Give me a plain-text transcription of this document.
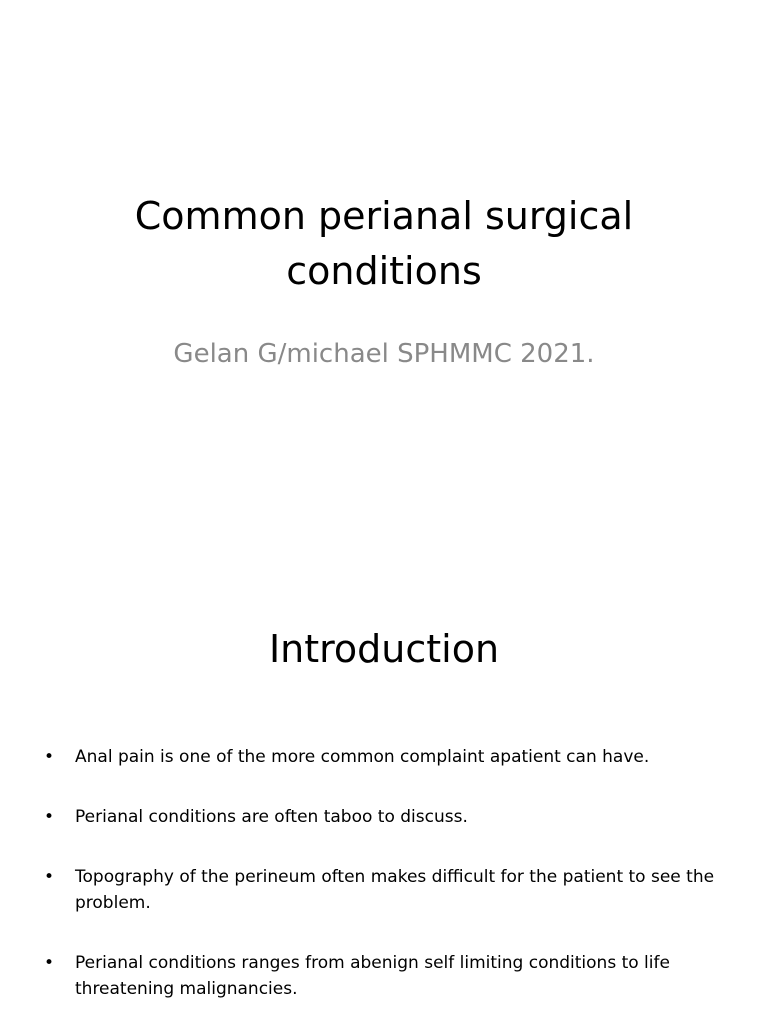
Common perianal surgical conditions

Gelan G/michael SPHMMC 2021.

Introduction
• Anal pain is one of the more common complaint apatient can have.
• Perianal conditions are often taboo to discuss.
• Topography of the perineum often makes difficult for the patient to see the problem.
• Perianal conditions ranges from abenign self limiting conditions to life threatening malignancies.
